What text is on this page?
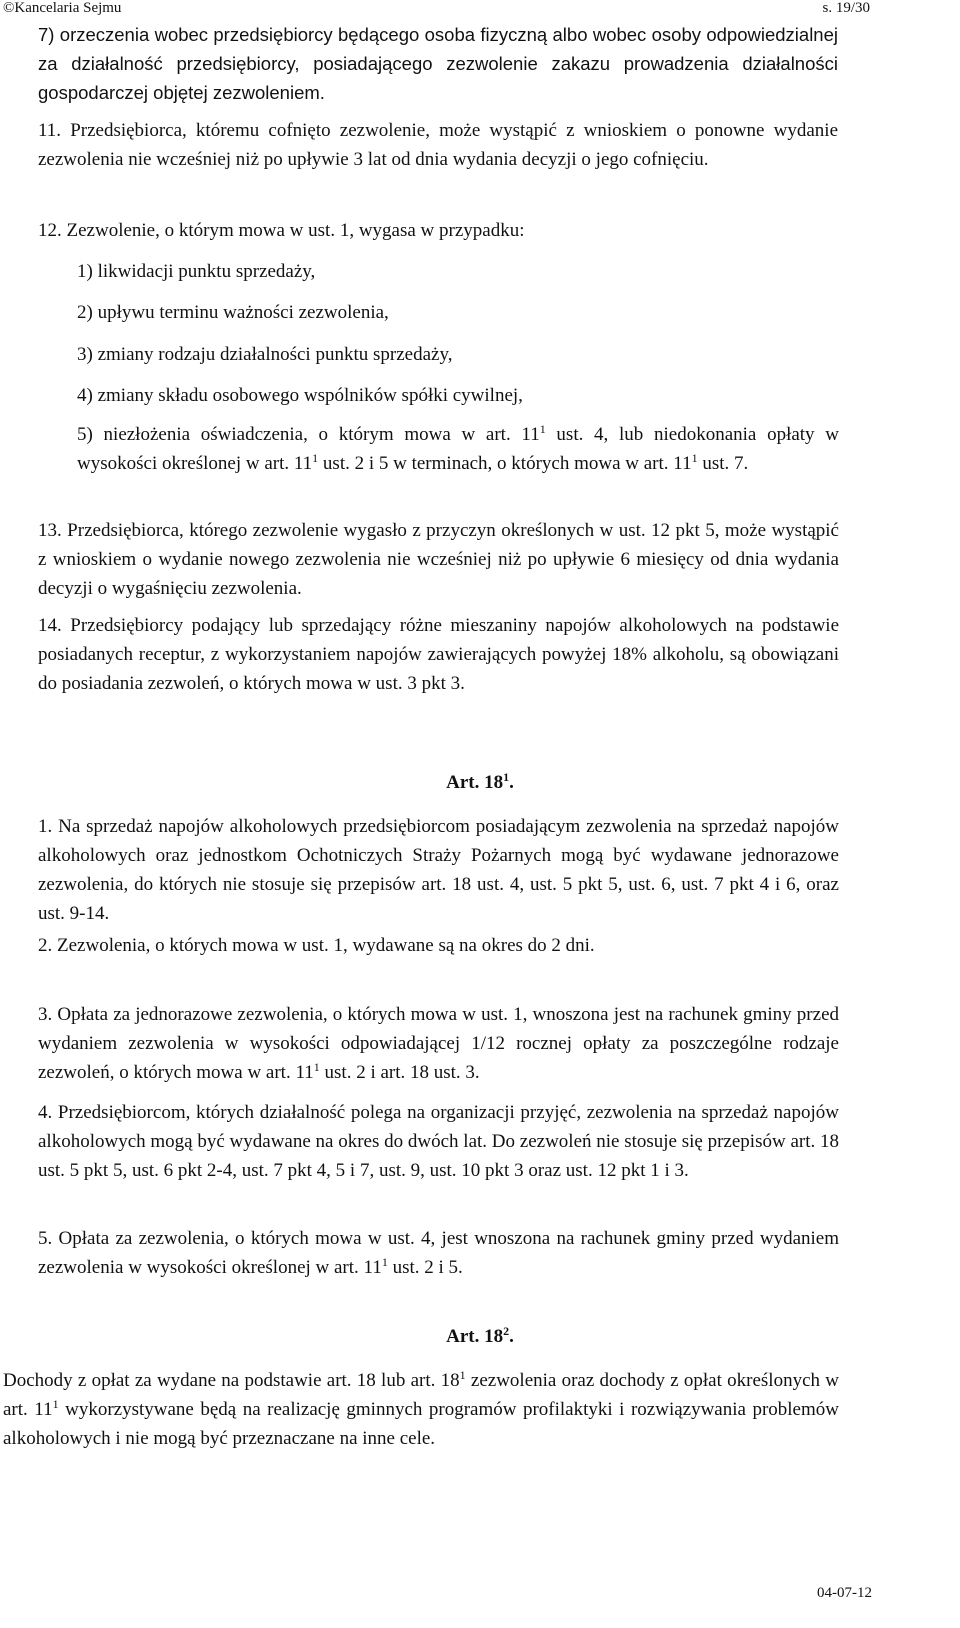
©Kancelaria Sejmu	s. 19/30
7) orzeczenia wobec przedsiębiorcy będącego osoba fizyczną albo wobec osoby odpowiedzialnej za działalność przedsiębiorcy, posiadającego zezwolenie zakazu prowadzenia działalności gospodarczej objętej zezwoleniem.
11. Przedsiębiorca, któremu cofnięto zezwolenie, może wystąpić z wnioskiem o ponowne wydanie zezwolenia nie wcześniej niż po upływie 3 lat od dnia wydania decyzji o jego cofnięciu.
12. Zezwolenie, o którym mowa w ust. 1, wygasa w przypadku:
1) likwidacji punktu sprzedaży,
2) upływu terminu ważności zezwolenia,
3) zmiany rodzaju działalności punktu sprzedaży,
4) zmiany składu osobowego wspólników spółki cywilnej,
5) niezłożenia oświadczenia, o którym mowa w art. $11^1$ ust. 4, lub niedokonania opłaty w wysokości określonej w art. $11^1$ ust. 2 i 5 w terminach, o których mowa w art. $11^1$ ust. 7.
13. Przedsiębiorca, którego zezwolenie wygasło z przyczyn określonych w ust. 12 pkt 5, może wystąpić z wnioskiem o wydanie nowego zezwolenia nie wcześniej niż po upływie 6 miesięcy od dnia wydania decyzji o wygaśnięciu zezwolenia.
14. Przedsiębiorcy podający lub sprzedający różne mieszaniny napojów alkoholowych na podstawie posiadanych receptur, z wykorzystaniem napojów zawierających powyżej 18% alkoholu, są obowiązani do posiadania zezwoleń, o których mowa w ust. 3 pkt 3.
Art. $18^1$.
1. Na sprzedaż napojów alkoholowych przedsiębiorcom posiadającym zezwolenia na sprzedaż napojów alkoholowych oraz jednostkom Ochotniczych Straży Pożarnych mogą być wydawane jednorazowe zezwolenia, do których nie stosuje się przepisów art. 18 ust. 4, ust. 5 pkt 5, ust. 6, ust. 7 pkt 4 i 6, oraz ust. 9-14.
2. Zezwolenia, o których mowa w ust. 1, wydawane są na okres do 2 dni.
3. Opłata za jednorazowe zezwolenia, o których mowa w ust. 1, wnoszona jest na rachunek gminy przed wydaniem zezwolenia w wysokości odpowiadającej 1/12 rocznej opłaty za poszczególne rodzaje zezwoleń, o których mowa w art. $11^1$ ust. 2 i art. 18 ust. 3.
4. Przedsiębiorcom, których działalność polega na organizacji przyjęć, zezwolenia na sprzedaż napojów alkoholowych mogą być wydawane na okres do dwóch lat. Do zezwoleń nie stosuje się przepisów art. 18 ust. 5 pkt 5, ust. 6 pkt 2-4, ust. 7 pkt 4, 5 i 7, ust. 9, ust. 10 pkt 3 oraz ust. 12 pkt 1 i 3.
5. Opłata za zezwolenia, o których mowa w ust. 4, jest wnoszona na rachunek gminy przed wydaniem zezwolenia w wysokości określonej w art. $11^1$ ust. 2 i 5.
Art. $18^2$.
Dochody z opłat za wydane na podstawie art. 18 lub art. $18^1$ zezwolenia oraz dochody z opłat określonych w art. $11^1$ wykorzystywane będą na realizację gminnych programów profilaktyki i rozwiązywania problemów alkoholowych i nie mogą być przeznaczane na inne cele.
04-07-12
